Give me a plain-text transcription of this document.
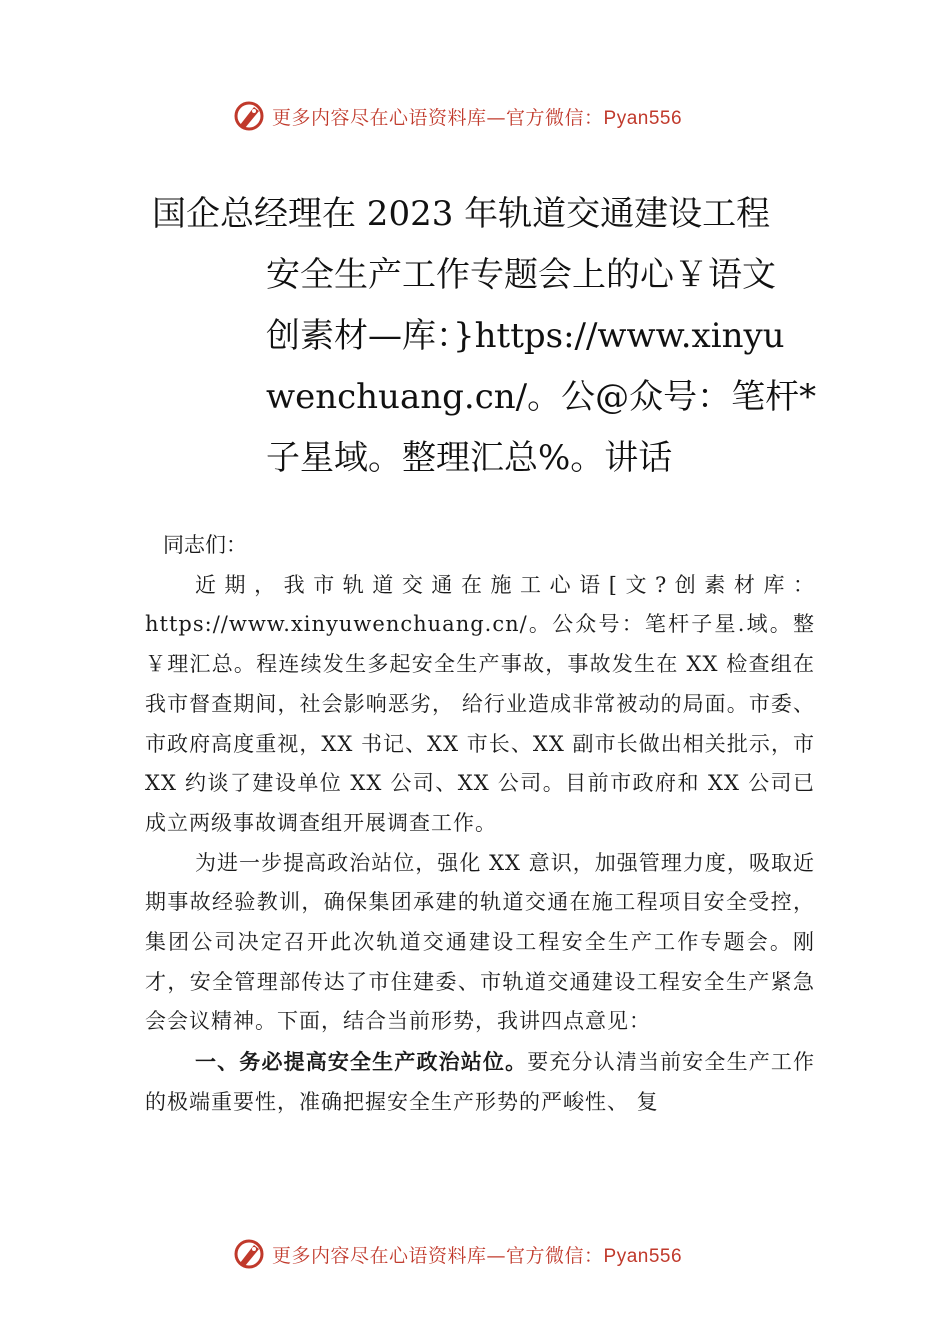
更多内容尽在心语资料库—官方微信：Pyan556
国企总经理在 2023 年轨道交通建设工程
安全生产工作专题会上的心￥语文
创素材—库：}https://www.xinyu
wenchuang.cn/。公@众号：笔杆*
子星域。整理汇总%。讲话

同志们：

近期，我市轨道交通在施工心语[文?创素材库：https://www.xinyuwenchuang.cn/。公众号：笔杆子星.域。整￥理汇总。程连续发生多起安全生产事故，事故发生在 XX 检查组在我市督查期间，社会影响恶劣， 给行业造成非常被动的局面。市委、市政府高度重视，XX 书记、XX 市长、XX 副市长做出相关批示，市 XX 约谈了建设单位 XX 公司、XX 公司。目前市政府和 XX 公司已成立两级事故调查组开展调查工作。

为进一步提高政治站位，强化 XX 意识，加强管理力度，吸取近期事故经验教训，确保集团承建的轨道交通在施工程项目安全受控，集团公司决定召开此次轨道交通建设工程安全生产工作专题会。刚才，安全管理部传达了市住建委、市轨道交通建设工程安全生产紧急会会议精神。下面，结合当前形势，我讲四点意见：

一、务必提高安全生产政治站位。要充分认清当前安全生产工作的极端重要性，准确把握安全生产形势的严峻性、 复

更多内容尽在心语资料库—官方微信：Pyan556
